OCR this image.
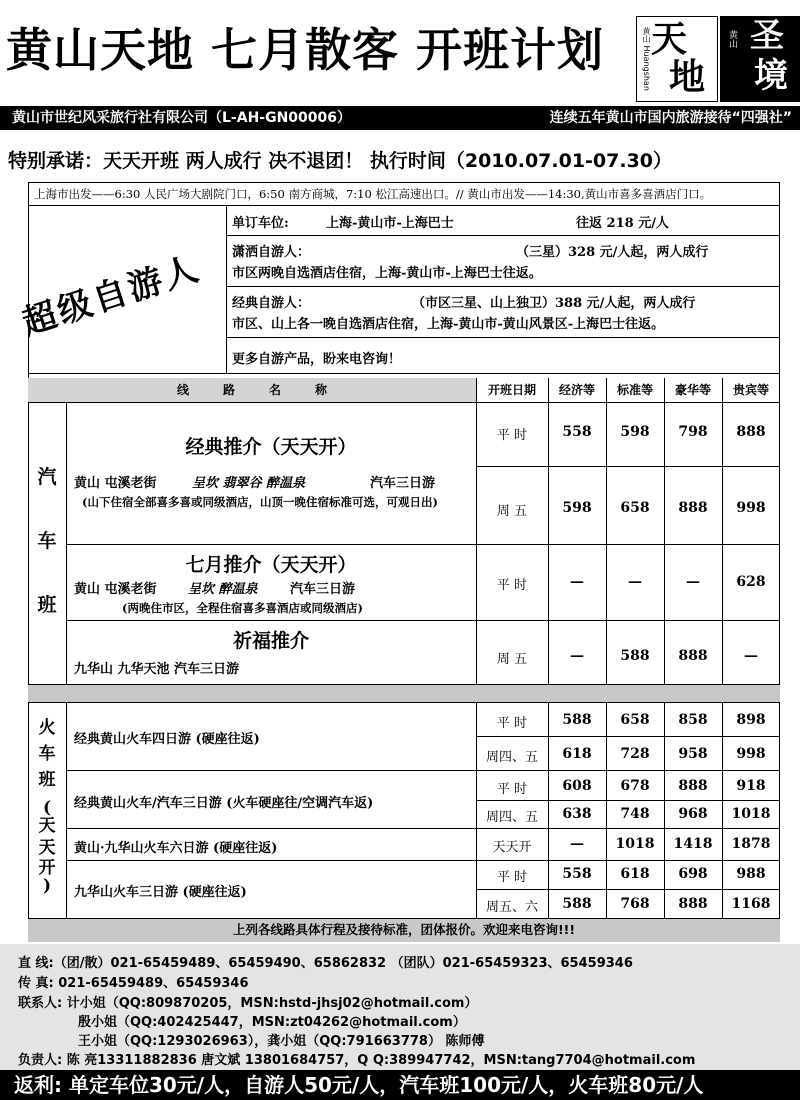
黄山天地 七月散客 开班计划	黄山 Huangshan 天
地
黄山 圣
境
黄山市世纪风采旅行社有限公司（L-AH-GN00006）	连续五年黄山市国内旅游接待“四强社”
特别承诺：天天开班 两人成行 决不退团！ 执行时间（2010.07.01-07.30）
上海市出发——6:30 人民广场大剧院门口，6:50 南方商城，7:10 松江高速出口。// 黄山市出发——14:30,黄山市喜多喜酒店门口。
超级自游人
单订车位:	上海-黄山市-上海巴士	往返 218 元/人
潇洒自游人：	（三星）328 元/人起，两人成行
市区两晚自选酒店住宿，上海-黄山市-上海巴士往返。
经典自游人：	（市区三星、山上独卫）388 元/人起，两人成行
市区、山上各一晚自选酒店住宿，上海-黄山市-黄山风景区-上海巴士往返。
更多自游产品，盼来电咨询！
线路名称	开班日期	经济等	标准等	豪华等	贵宾等
汽
车
班
经典推介（天天开）
黄山 屯溪老街	呈坎 翡翠谷 醉温泉	汽车三日游
(山下住宿全部喜多喜或同级酒店，山顶一晚住宿标准可选，可观日出)
平 时	558	598	798	888
周 五	598	658	888	998
七月推介（天天开）
黄山 屯溪老街 呈坎 醉温泉 汽车三日游
(两晚住市区，全程住宿喜多喜酒店或同级酒店)
平 时	—	—	—	628
祈福推介
九华山 九华天池 汽车三日游
周 五	—	588	888	—
火
车
班
(
天
天
开
)
经典黄山火车四日游 (硬座往返)
平 时	588	658	858	898
周四、五	618	728	958	998
经典黄山火车/汽车三日游 (火车硬座往/空调汽车返)
平 时	608	678	888	918
周四、五	638	748	968	1018
黄山·九华山火车六日游 (硬座往返)	天天开	—	1018	1418	1878
九华山火车三日游 (硬座往返)
平 时	558	618	698	988
周五、六	588	768	888	1168
上列各线路具体行程及接待标准，团体报价。欢迎来电咨询!!!
直 线:（团/散）021-65459489、65459490、65862832 （团队）021-65459323、65459346
传 真: 021-65459489、65459346
联系人: 计小姐（QQ:809870205，MSN:hstd-jhsj02@hotmail.com）
殷小姐（QQ:402425447，MSN:zt04262@hotmail.com）
王小姐（QQ:1293026963），龚小姐（QQ:791663778） 陈师傅
负责人: 陈 亮13311882836 唐文斌 13801684757，Q Q:389947742，MSN:tang7704@hotmail.com
返利: 单定车位30元/人，自游人50元/人，汽车班100元/人，火车班80元/人
